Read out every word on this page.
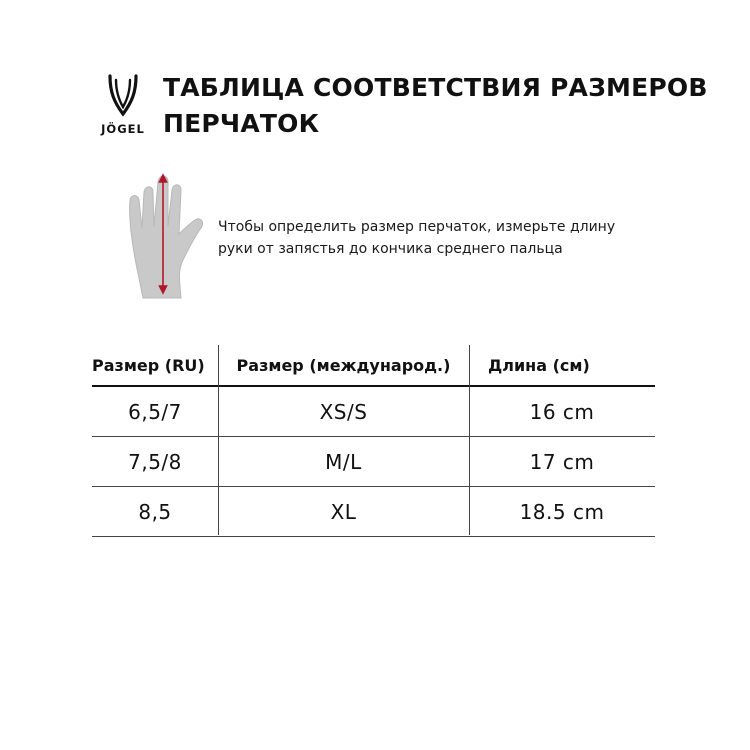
JÖGEL
ТАБЛИЦА СООТВЕТСТВИЯ РАЗМЕРОВ
ПЕРЧАТОК
Чтобы определить размер перчаток, измерьте длину
руки от запястья до кончика среднего пальца
Размер (RU)	Размер (международ.)	Длина (см)
6,5/7	XS/S	16 cm
7,5/8	M/L	17 cm
8,5	XL	18.5 cm
